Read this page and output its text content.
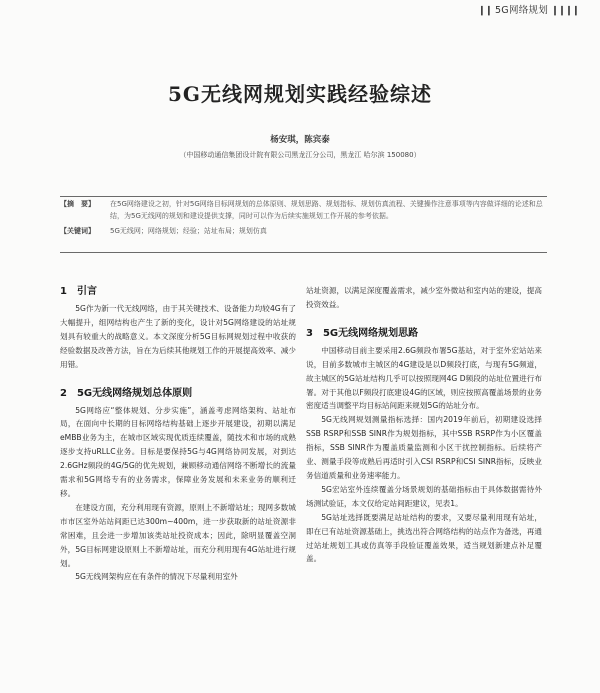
❙❙ 5G网络规划 ❙❙❙❙
5G无线网规划实践经验综述
杨安琪，陈宾泰
（中国移动通信集团设计院有限公司黑龙江分公司，黑龙江 哈尔滨 150080）
【摘　要】	在5G网络建设之初，针对5G网络目标网规划的总体原则、规划思路、规划指标、规划仿真流程、关键操作注意事项等内容做详细的论述和总结，为5G无线网的规划和建设提供支撑，同时可以作为后续实施规划工作开展的参考依据。
【关键词】	5G无线网；网络规划；经验；站址布局；规划仿真
1　引言

5G作为新一代无线网络，由于其关键技术、设备能力均较4G有了大幅提升，组网结构也产生了新的变化，设计对5G网络建设的站址规划具有较重大的战略意义。本文深度分析5G目标网规划过程中收获的经验数据及改善方法，旨在为后续其他规划工作的开展提高效率、减少用错。

2　5G无线网络规划总体原则

5G网络应“整体规划、分步实施”，涵盖考虑网络架构、站址布局，在面向中长期的目标网络结构基础上逐步开展建设，初期以满足eMBB业务为主，在城市区域实现优质连续覆盖，随技术和市场的成熟逐步支持uRLLC业务。目标是要保持5G与4G网络协同发展，对到达2.6GHz频段的4G/5G的优先规划，兼顾移动通信网络不断增长的流量需求和5G网络专有的业务需求，保障业务发展和未来业务的顺利迁移。

在建设方面，充分利用现有资源，原则上不新增站址；现网多数城市市区室外站站间距已达300m~400m，进一步获取新的站址资源非常困难，且会进一步增加该类站址投资成本；因此，除明显覆盖空洞外，5G目标网建设原则上不新增站址，而充分利用现有4G站址进行规划。

5G无线网架构应在有条件的情况下尽量利用室外

站址资源，以满足深度覆盖需求，减少室外微站和室内站的建设，提高投资效益。

3　5G无线网络规划思路

中国移动目前主要采用2.6G频段布署5G基站，对于室外宏站站来说，目前多数城市主城区的4G建设是以D频段打底，与现有5G频道，故主城区的5G站址结构几乎可以按照现网4G D频段的站址位置进行布署。对于其他以F频段打底建设4G的区域，则应按照高覆盖场景的业务密度适当调整平均目标站间距来规划5G的站址分布。

5G无线网规划测量指标选择：国内2019年前后，初期建设选择SSB RSRP和SSB SINR作为规划指标，其中SSB RSRP作为小区覆盖指标，SSB SINR作为覆盖质量监测和小区干扰控制指标。后续将产业、测量手段等成熟后再适时引入CSI RSRP和CSI SINR指标，反映业务信道质量和业务速率能力。

5G宏站室外连续覆盖分场景规划的基础指标由于具体数据需待外场测试验证，本文仅给定站间距建议，见表1。

5G站址选择既要满足站址结构的要求，又要尽量利用现有站址，即在已有站址资源基础上，挑选出符合网络结构的站点作为备选，再通过站址规划工具或仿真等手段验证覆盖效果，适当规划新建点补足覆盖。
